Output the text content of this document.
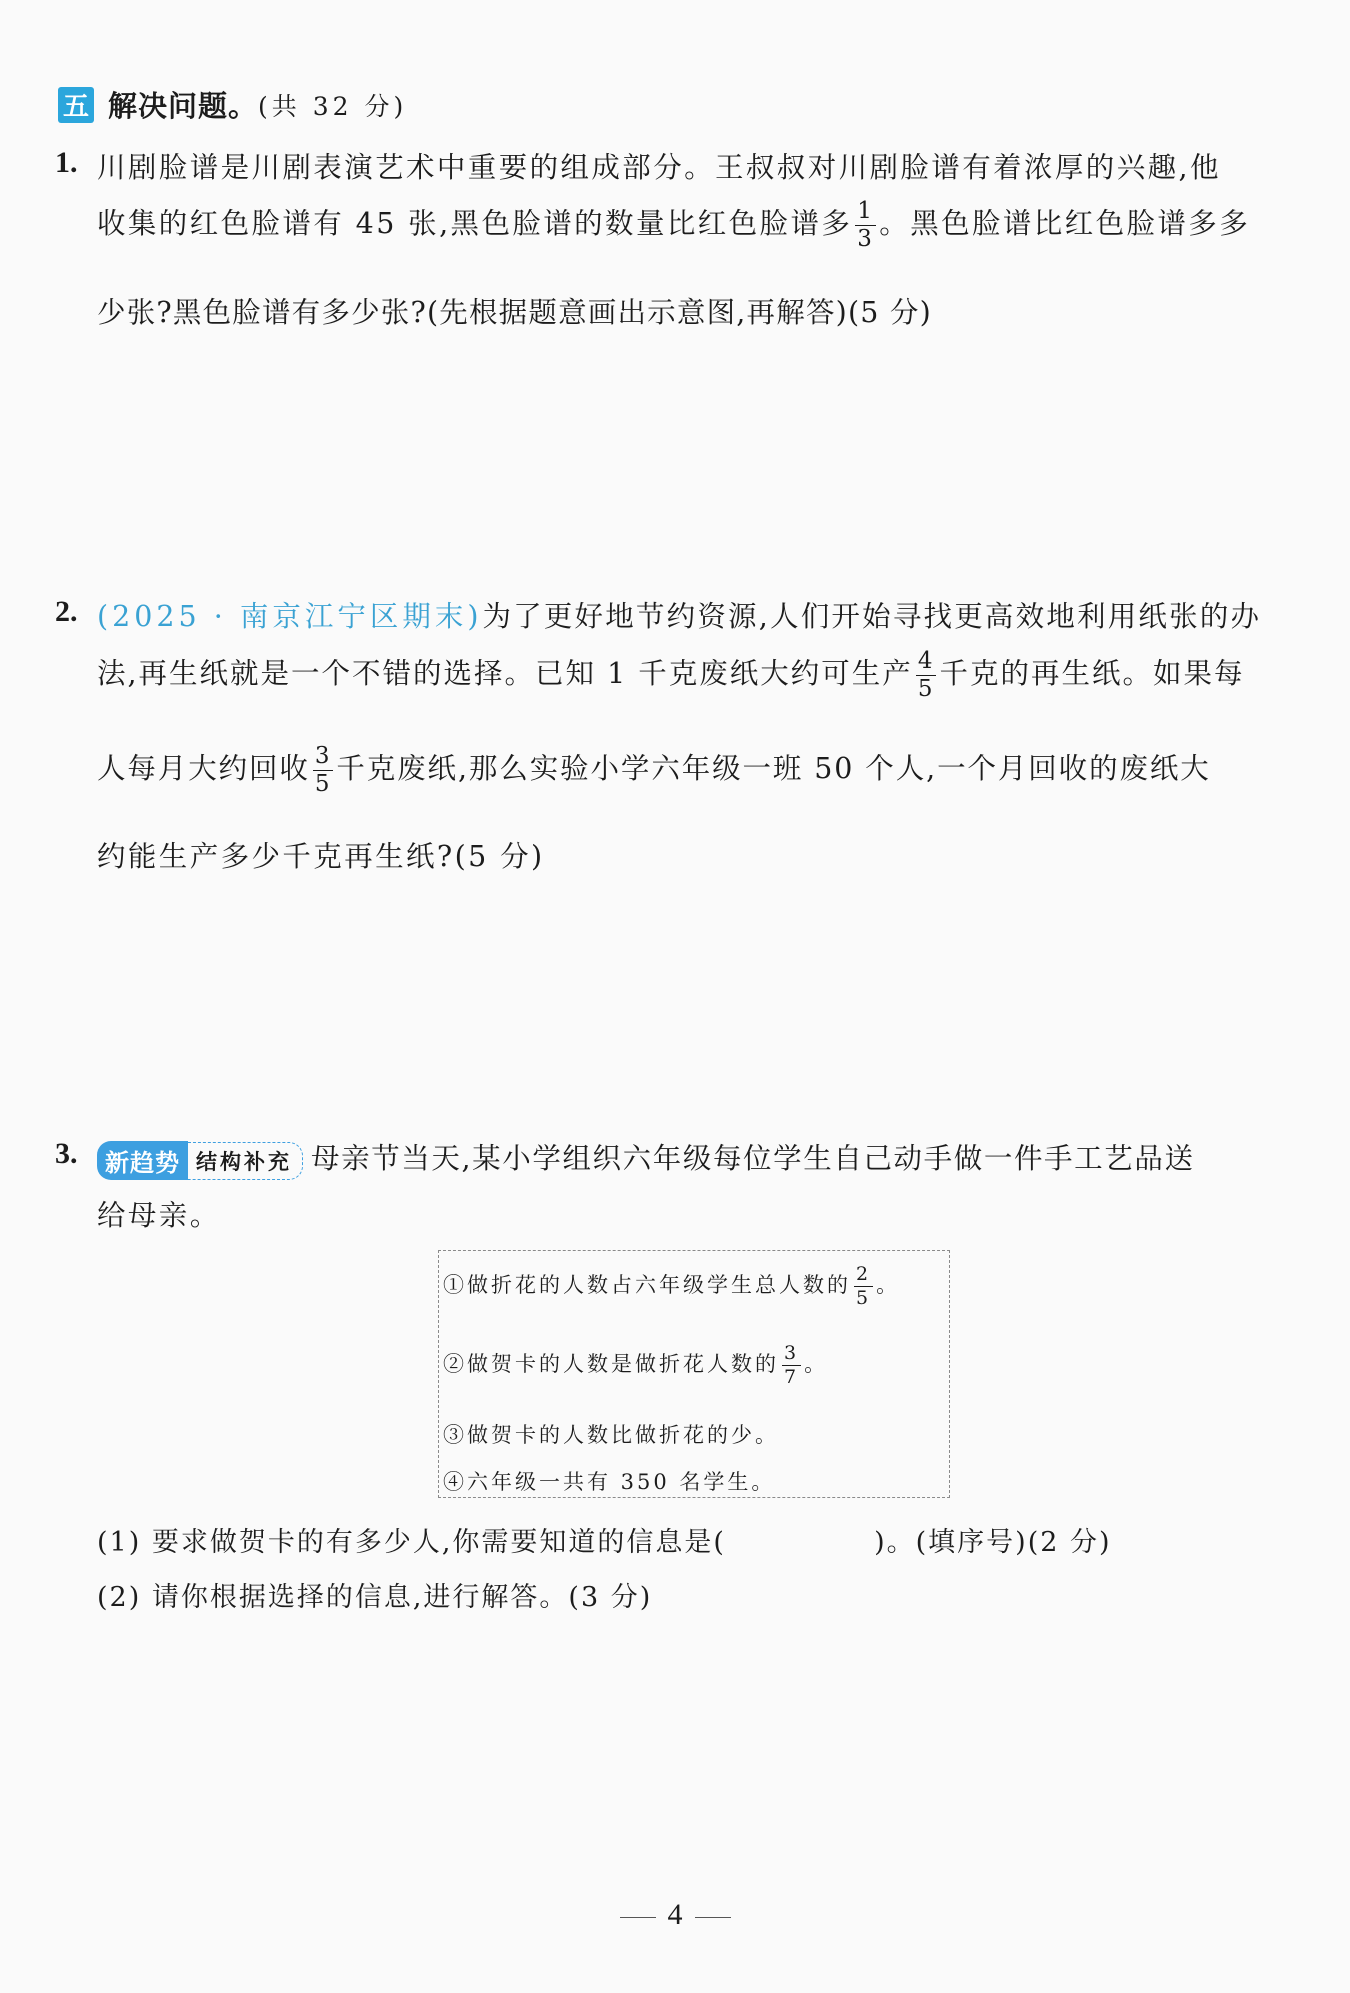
五 解决问题。 (共 32 分)
1. 川剧脸谱是川剧表演艺术中重要的组成部分。王叔叔对川剧脸谱有着浓厚的兴趣,他
收集的红色脸谱有 45 张,黑色脸谱的数量比红色脸谱多 $\frac{1}{3}$ 。黑色脸谱比红色脸谱多多
少张?黑色脸谱有多少张?(先根据题意画出示意图,再解答)(5 分)
2. (2025 · 南京江宁区期末)为了更好地节约资源,人们开始寻找更高效地利用纸张的办
法,再生纸就是一个不错的选择。已知 1 千克废纸大约可生产 $\frac{4}{5}$ 千克的再生纸。如果每
人每月大约回收 $\frac{3}{5}$ 千克废纸,那么实验小学六年级一班 50 个人,一个月回收的废纸大
约能生产多少千克再生纸?(5 分)
3.	新趋势 结构补充 母亲节当天,某小学组织六年级每位学生自己动手做一件手工艺品送
给母亲。
①做折花的人数占六年级学生总人数的 $\frac{2}{5}$ 。
②做贺卡的人数是做折花人数的 $\frac{3}{7}$ 。
③做贺卡的人数比做折花的少。
④六年级一共有 350 名学生。
(1) 要求做贺卡的有多少人,你需要知道的信息是(              )。(填序号)(2 分)
(2) 请你根据选择的信息,进行解答。(3 分)
4
